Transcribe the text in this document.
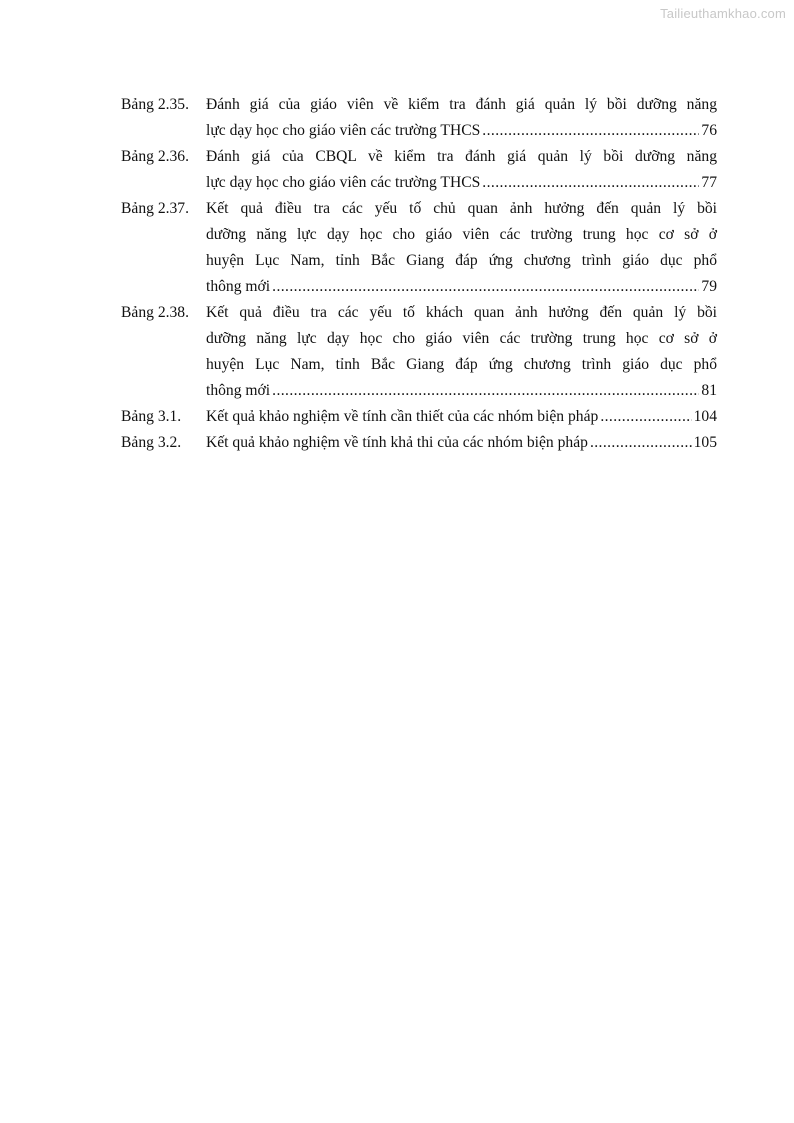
Tailieuthamkhao.com
Bảng 2.35.	Đánh giá của giáo viên về kiểm tra đánh giá quản lý bồi dưỡng năng
lực dạy học cho giáo viên các trường THCS .....	76
Bảng 2.36.	Đánh giá của CBQL về kiểm tra đánh giá quản lý bồi dưỡng năng
lực dạy học cho giáo viên các trường THCS .....	77
Bảng 2.37.	Kết quả điều tra các yếu tố chủ quan ảnh hưởng đến quản lý bồi
dưỡng năng lực dạy học cho giáo viên các trường trung học cơ sở ở
huyện Lục Nam, tỉnh Bắc Giang đáp ứng chương trình giáo dục phổ
thông mới .....	79
Bảng 2.38.	Kết quả điều tra các yếu tố khách quan ảnh hưởng đến quản lý bồi
dưỡng năng lực dạy học cho giáo viên các trường trung học cơ sở ở
huyện Lục Nam, tỉnh Bắc Giang đáp ứng chương trình giáo dục phổ
thông mới .....	81
Bảng 3.1.	Kết quả khảo nghiệm về tính cần thiết của các nhóm biện pháp .....	104
Bảng 3.2.	Kết quả khảo nghiệm về tính khả thi của các nhóm biện pháp .....	105
